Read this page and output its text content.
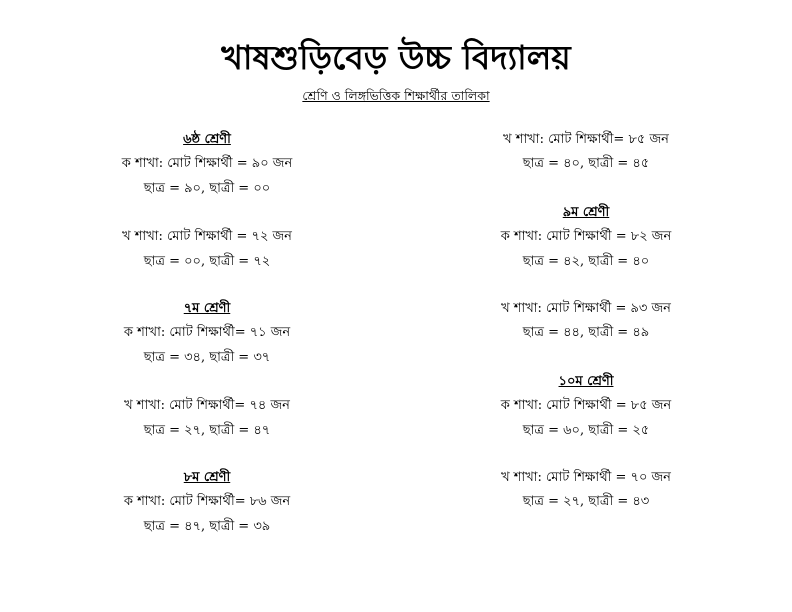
খাষশুড়িবেড় উচ্চ বিদ্যালয়
শ্রেণি ও লিঙ্গভিত্তিক শিক্ষার্থীর তালিকা
৬ষ্ঠ শ্রেণী
ক শাখা: মোট শিক্ষার্থী = ৯০ জন
ছাত্র = ৯০, ছাত্রী = ০০
খ শাখা: মোট শিক্ষার্থী = ৭২ জন
ছাত্র = ০০, ছাত্রী = ৭২
৭ম শ্রেণী
ক শাখা: মোট শিক্ষার্থী= ৭১ জন
ছাত্র = ৩৪, ছাত্রী = ৩৭
খ শাখা: মোট শিক্ষার্থী= ৭৪ জন
ছাত্র = ২৭, ছাত্রী = ৪৭
৮ম শ্রেণী
ক শাখা: মোট শিক্ষার্থী= ৮৬ জন
ছাত্র = ৪৭, ছাত্রী = ৩৯
খ শাখা: মোট শিক্ষার্থী= ৮৫ জন
ছাত্র = ৪০, ছাত্রী = ৪৫
৯ম শ্রেণী
ক শাখা: মোট শিক্ষার্থী = ৮২ জন
ছাত্র = ৪২, ছাত্রী = ৪০
খ শাখা: মোট শিক্ষার্থী = ৯৩ জন
ছাত্র = ৪৪, ছাত্রী = ৪৯
১০ম শ্রেণী
ক শাখা: মোট শিক্ষার্থী = ৮৫ জন
ছাত্র = ৬০, ছাত্রী = ২৫
খ শাখা: মোট শিক্ষার্থী = ৭০ জন
ছাত্র = ২৭, ছাত্রী = ৪৩
